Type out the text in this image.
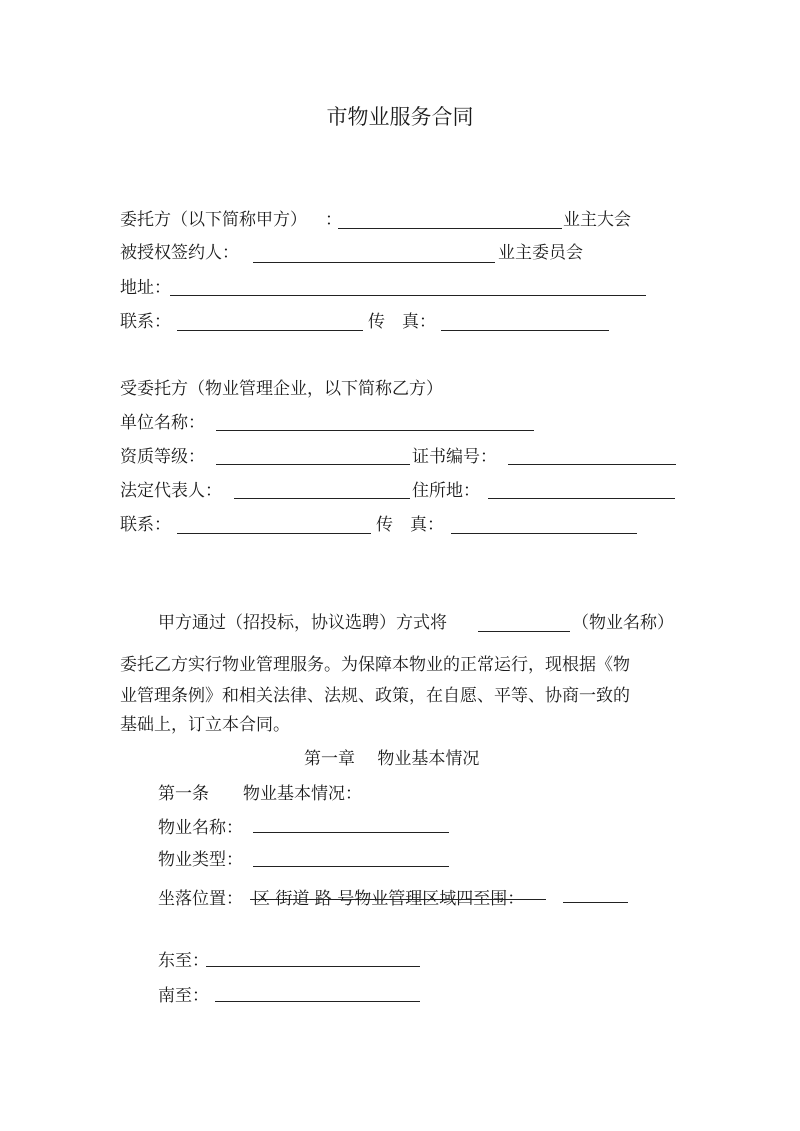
市物业服务合同
委托方（以下简称甲方） ：	业主大会
被授权签约人：	业主委员会
地址：
联系：	传　真：
受委托方（物业管理企业，以下简称乙方）
单位名称：
资质等级：	证书编号：
法定代表人：	住所地：
联系：	传　真：
甲方通过（招投标，协议选聘）方式将	（物业名称）
委托乙方实行物业管理服务。为保障本物业的正常运行，现根据《物
业管理条例》和相关法律、法规、政策，在自愿、平等、协商一致的
基础上，订立本合同。
第一章　 物业基本情况
第一条 物业基本情况：
物业名称：
物业类型：
坐落位置： 区 街道 路 号物业管理区域四至围：
东至：
南至：
